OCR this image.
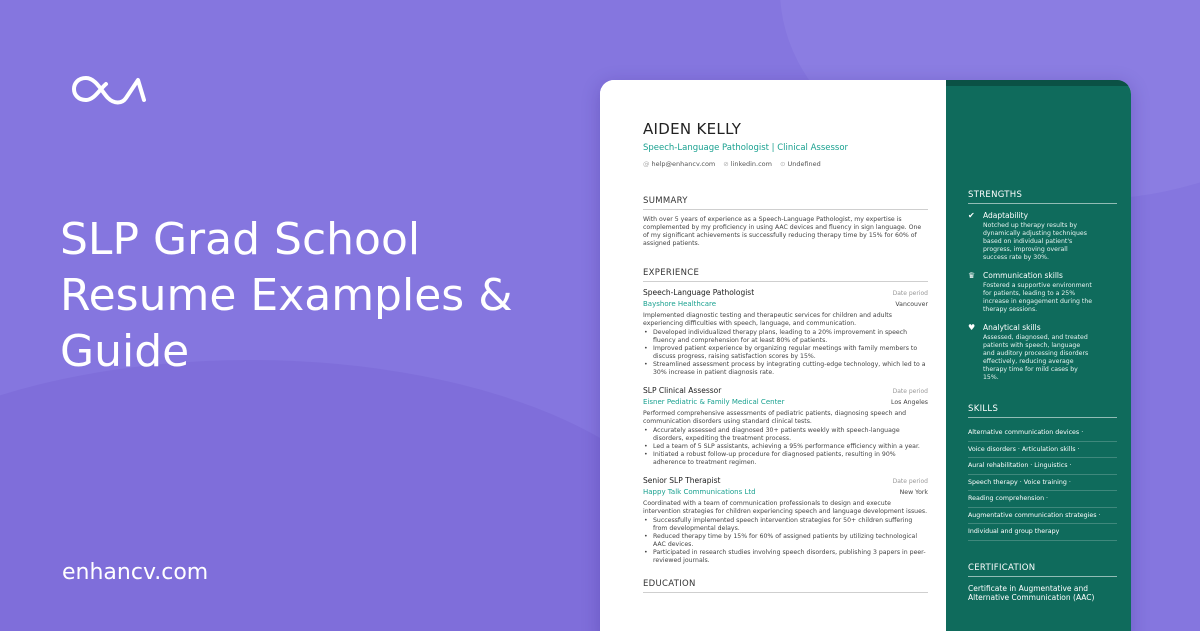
SLP Grad School Resume Examples & Guide
enhancv.com
AIDEN KELLY
Speech-Language Pathologist | Clinical Assessor
@ help@enhancv.com ⊘ linkedin.com ⊙ Undefined
SUMMARY
With over 5 years of experience as a Speech-Language Pathologist, my expertise is complemented by my proficiency in using AAC devices and fluency in sign language. One of my significant achievements is successfully reducing therapy time by 15% for 60% of assigned patients.
EXPERIENCE
Speech-Language Pathologist	Date period
Bayshore Healthcare	Vancouver
Implemented diagnostic testing and therapeutic services for children and adults experiencing difficulties with speech, language, and communication.
• Developed individualized therapy plans, leading to a 20% improvement in speech fluency and comprehension for at least 80% of patients.
• Improved patient experience by organizing regular meetings with family members to discuss progress, raising satisfaction scores by 15%.
• Streamlined assessment process by integrating cutting-edge technology, which led to a 30% increase in patient diagnosis rate.
SLP Clinical Assessor	Date period
Eisner Pediatric & Family Medical Center	Los Angeles
Performed comprehensive assessments of pediatric patients, diagnosing speech and communication disorders using standard clinical tests.
• Accurately assessed and diagnosed 30+ patients weekly with speech-language disorders, expediting the treatment process.
• Led a team of 5 SLP assistants, achieving a 95% performance efficiency within a year.
• Initiated a robust follow-up procedure for diagnosed patients, resulting in 90% adherence to treatment regimen.
Senior SLP Therapist	Date period
Happy Talk Communications Ltd	New York
Coordinated with a team of communication professionals to design and execute intervention strategies for children experiencing speech and language development issues.
• Successfully implemented speech intervention strategies for 50+ children suffering from developmental delays.
• Reduced therapy time by 15% for 60% of assigned patients by utilizing technological AAC devices.
• Participated in research studies involving speech disorders, publishing 3 papers in peer-reviewed journals.
EDUCATION
STRENGTHS
✔	Adaptability
Notched up therapy results by dynamically adjusting techniques based on individual patient's progress, improving overall success rate by 30%.
♛ Communication skills
Fostered a supportive environment for patients, leading to a 25% increase in engagement during the therapy sessions.
♥ Analytical skills
Assessed, diagnosed, and treated patients with speech, language and auditory processing disorders effectively, reducing average therapy time for mild cases by 15%.
SKILLS
Alternative communication devices ·
Voice disorders · Articulation skills ·
Aural rehabilitation · Linguistics ·
Speech therapy · Voice training ·
Reading comprehension ·
Augmentative communication strategies ·
Individual and group therapy
CERTIFICATION
Certificate in Augmentative and Alternative Communication (AAC)
